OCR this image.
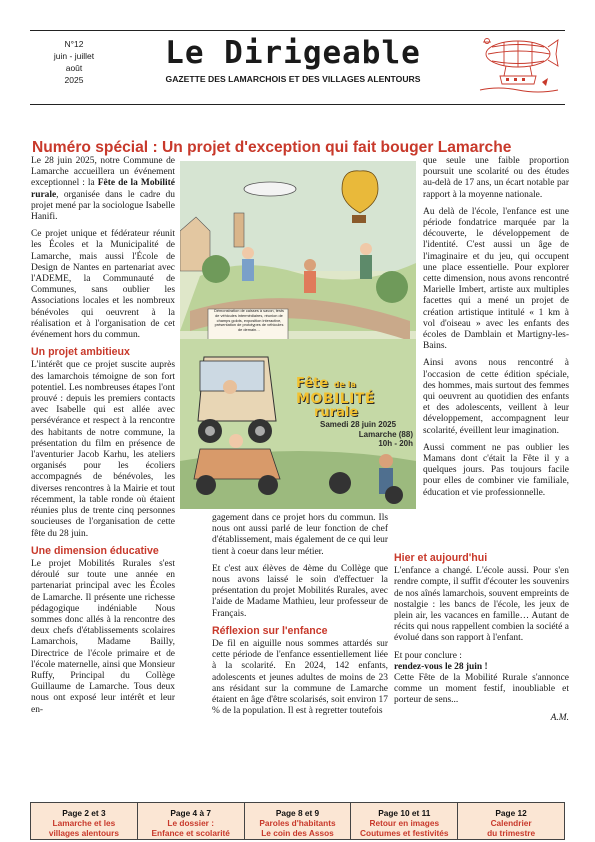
N°12
juin - juillet
août
2025
Le Dirigeable
GAZETTE DES LAMARCHOIS ET DES VILLAGES ALENTOURS
Numéro spécial : Un projet d'exception qui fait bouger Lamarche

Le 28 juin 2025, notre Commune de Lamarche accueillera un événement exceptionnel : la Fête de la Mobilité rurale, organisée dans le cadre du projet mené par la sociologue Isabelle Hanifi.

Ce projet unique et fédérateur réunit les Écoles et la Municipalité de Lamarche, mais aussi l'École de Design de Nantes en partenariat avec l'ADEME, la Communauté de Communes, sans oublier les Associations locales et les nombreux bénévoles qui oeuvrent à la réalisation et à l'organisation de cet événement hors du commun.

Un projet ambitieux

L'intérêt que ce projet suscite auprès des lamarchois témoigne de son fort potentiel. Les nombreuses étapes l'ont prouvé : depuis les premiers contacts avec Isabelle qui est allée avec persévérance et respect à la rencontre des habitants de notre commune, la présentation du film en présence de l'aventurier Jacob Karhu, les ateliers organisés pour les écoliers accompagnés de bénévoles, les diverses rencontres à la Mairie et tout récemment, la table ronde où étaient réunies plus de trente cinq personnes soucieuses de l'organisation de cette fête du 28 juin.

Une dimension éducative

Le projet Mobilités Rurales s'est déroulé sur toute une année en partenariat principal avec les Écoles de Lamarche. Il présente une richesse pédagogique indéniable Nous sommes donc allés à la rencontre des deux chefs d'établissements scolaires Lamarchois, Madame Bailly, Directrice de l'école primaire et de l'école maternelle, ainsi que Monsieur Ruffy, Principal du Collège Guillaume de Lamarche. Tous deux nous ont exposé leur intérêt et leur en-

Démonstration de caisses à savon, tests de véhicules intermédiaires, réunion de champs golots, exposition interactive, présentation de prototypes de véhicules de demain…
Fête de la
MOBILITÉ
rurale
Samedi 28 juin 2025
Lamarche (88)
10h - 20h

gagement dans ce projet hors du commun. Ils nous ont aussi parlé de leur fonction de chef d'établissement, mais également de ce qui leur tient à coeur dans leur métier.

Et c'est aux élèves de 4ème du Collège que nous avons laissé le soin d'effectuer la présentation du projet Mobilités Rurales, avec l'aide de Madame Mathieu, leur professeur de Français.

Réflexion sur l'enfance

De fil en aiguille nous sommes attardés sur cette période de l'enfance essentiellement liée à la scolarité. En 2024, 142 enfants, adolescents et jeunes adultes de moins de 23 ans résidant sur la commune de Lamarche étaient en âge d'être scolarisés, soit environ 17 % de la population. Il est à regretter toutefois

que seule une faible proportion poursuit une scolarité ou des études au-delà de 17 ans, un écart notable par rapport à la moyenne nationale.

Au delà de l'école, l'enfance est une période fondatrice marquée par la découverte, le développement de l'identité. C'est aussi un âge de l'imaginaire et du jeu, qui occupent une place essentielle. Pour explorer cette dimension, nous avons rencontré Marielle Imbert, artiste aux multiples facettes qui a mené un projet de création artistique intitulé « 1 km à vol d'oiseau » avec les enfants des écoles de Damblain et Martigny-les-Bains.

Ainsi avons nous rencontré à l'occasion de cette édition spéciale, des hommes, mais surtout des femmes qui oeuvrent au quotidien des enfants et des adolescents, veillent à leur développement, accompagnent leur scolarité, éveillent leur imagination.

Aussi comment ne pas oublier les Mamans dont c'était la Fête il y a quelques jours. Pas toujours facile pour elles de combiner vie familiale, éducation et vie professionnelle.

Hier et aujourd'hui

L'enfance a changé. L'école aussi. Pour s'en rendre compte, il suffit d'écouter les souvenirs de nos aînés lamarchois, souvent empreints de nostalgie : les bancs de l'école, les jeux de plein air, les vacances en famille… Autant de récits qui nous rappellent combien la société a évolué dans son rapport à l'enfant.

Et pour conclure :

rendez-vous le 28 juin !

Cette Fête de la Mobilité Rurale s'annonce comme un moment festif, inoubliable et porteur de sens...

A.M.
Page 2 et 3
Lamarche et les
villages alentours
Page 4 à 7
Le dossier :
Enfance et scolarité
Page 8 et 9
Paroles d'habitants
Le coin des Assos
Page 10 et 11
Retour en images
Coutumes et festivités
Page 12
Calendrier
du trimestre
